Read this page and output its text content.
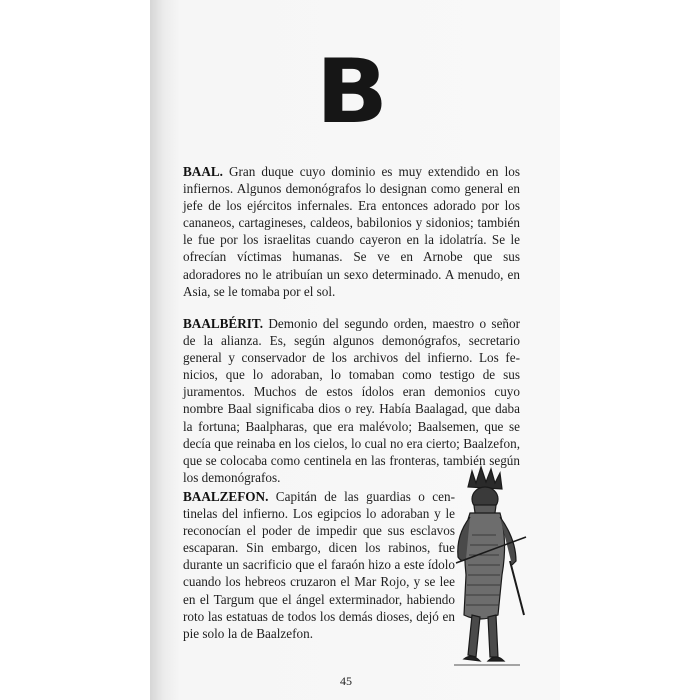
B

BAAL. Gran duque cuyo dominio es muy extendido en los infiernos. Algunos demonógrafos lo designan como general en jefe de los ejércitos infernales. Era entonces adorado por los cananeos, cartagineses, caldeos, babilonios y sidonios; también le fue por los israelitas cuando cayeron en la idolatría. Se le ofrecían víctimas humanas. Se ve en Arnobe que sus adoradores no le atribuían un sexo determinado. A menudo, en Asia, se le tomaba por el sol.

BAALBÉRIT. Demonio del segundo orden, maestro o señor de la alianza. Es, según algunos demonógrafos, secretario general y conservador de los archivos del infierno. Los fenicios, que lo adoraban, lo tomaban como testigo de sus juramentos. Muchos de estos ídolos eran demonios cuyo nombre Baal significaba dios o rey. Había Baalagad, que daba la fortuna; Baalpharas, que era malévolo; Baalsemen, que se decía que reinaba en los cielos, lo cual no era cierto; Baalzefon, que se colocaba como centinela en las fronteras, también según los demonógrafos.

BAALZEFON. Capitán de las guardias o centinelas del infierno. Los egipcios lo adoraban y le reconocían el poder de impedir que sus esclavos escaparan. Sin embargo, dicen los rabinos, fue durante un sacrificio que el faraón hizo a este ídolo cuando los hebreos cruzaron el Mar Rojo, y se lee en el Targum que el ángel exterminador, habiendo roto las estatuas de todos los demás dioses, dejó en pie solo la de Baalzefon.

45
